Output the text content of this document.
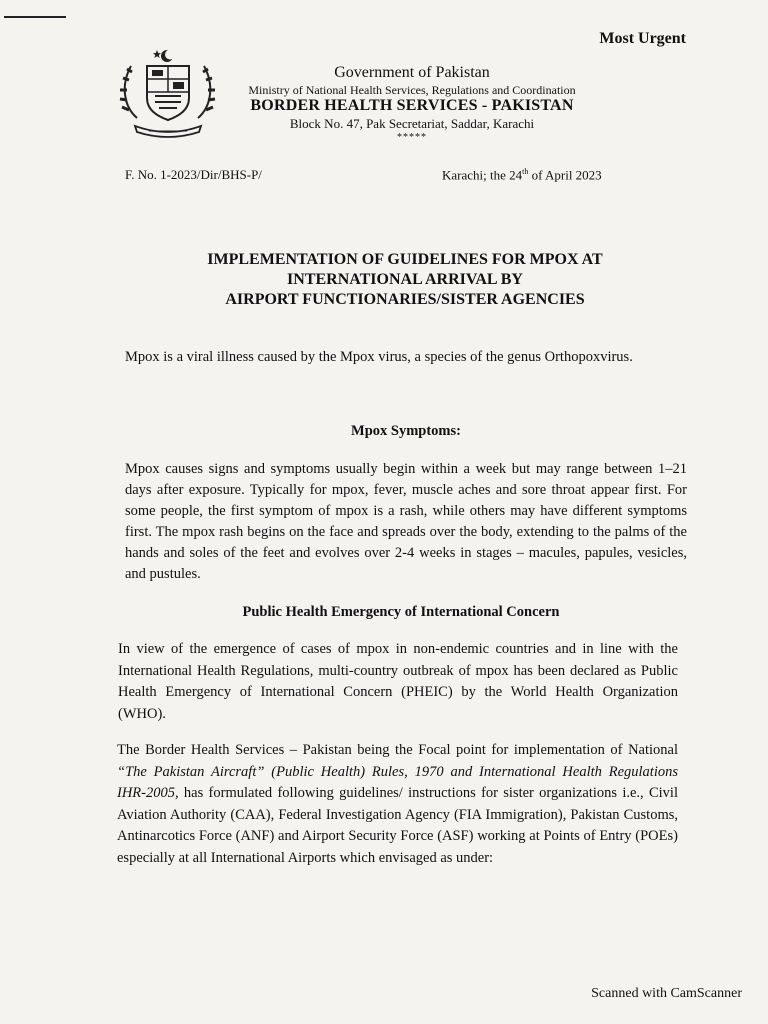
Most Urgent
Government of Pakistan
Ministry of National Health Services, Regulations and Coordination
BORDER HEALTH SERVICES - PAKISTAN
Block No. 47, Pak Secretariat, Saddar, Karachi
*****
F. No. 1-2023/Dir/BHS-P/	Karachi; the 24th of April 2023
IMPLEMENTATION OF GUIDELINES FOR MPOX AT
INTERNATIONAL ARRIVAL BY
AIRPORT FUNCTIONARIES/SISTER AGENCIES
Mpox is a viral illness caused by the Mpox virus, a species of the genus Orthopoxvirus.
Mpox Symptoms:
Mpox causes signs and symptoms usually begin within a week but may range between 1–21 days after exposure. Typically for mpox, fever, muscle aches and sore throat appear first. For some people, the first symptom of mpox is a rash, while others may have different symptoms first. The mpox rash begins on the face and spreads over the body, extending to the palms of the hands and soles of the feet and evolves over 2-4 weeks in stages – macules, papules, vesicles, and pustules.
Public Health Emergency of International Concern
In view of the emergence of cases of mpox in non-endemic countries and in line with the International Health Regulations, multi-country outbreak of mpox has been declared as Public Health Emergency of International Concern (PHEIC) by the World Health Organization (WHO).
The Border Health Services – Pakistan being the Focal point for implementation of National “The Pakistan Aircraft” (Public Health) Rules, 1970 and International Health Regulations IHR-2005, has formulated following guidelines/ instructions for sister organizations i.e., Civil Aviation Authority (CAA), Federal Investigation Agency (FIA Immigration), Pakistan Customs, Antinarcotics Force (ANF) and Airport Security Force (ASF) working at Points of Entry (POEs) especially at all International Airports which envisaged as under:
Scanned with CamScanner
